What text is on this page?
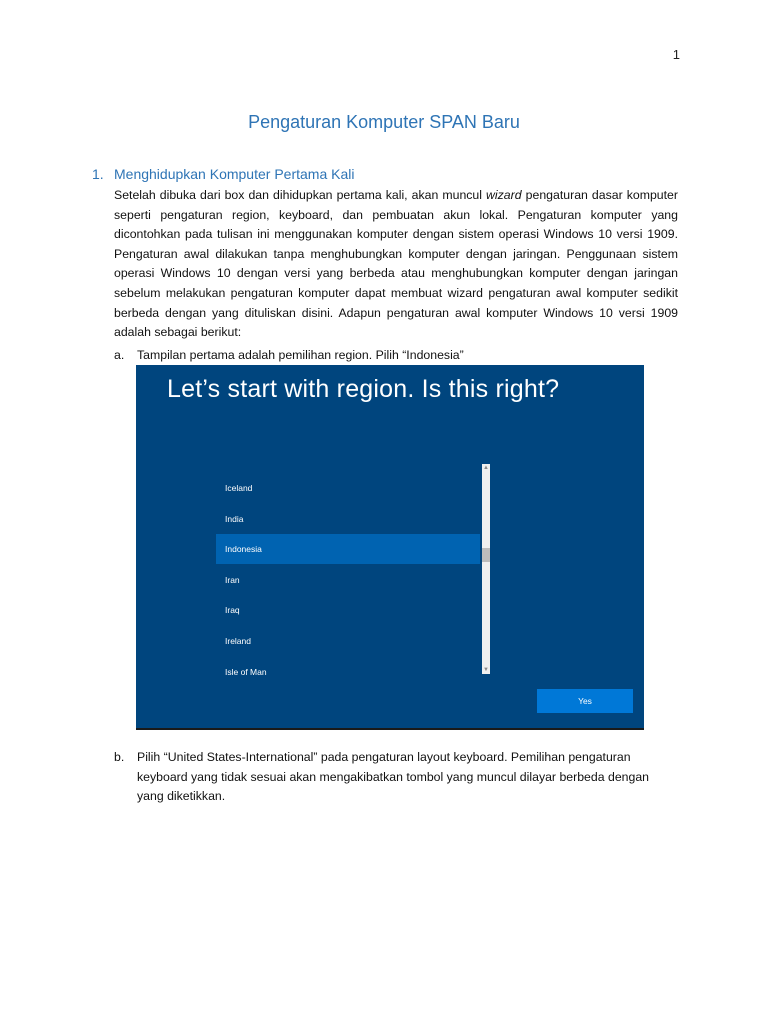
1
Pengaturan Komputer SPAN Baru
1. Menghidupkan Komputer Pertama Kali

Setelah dibuka dari box dan dihidupkan pertama kali, akan muncul wizard pengaturan dasar komputer seperti pengaturan region, keyboard, dan pembuatan akun lokal. Pengaturan komputer yang dicontohkan pada tulisan ini menggunakan komputer dengan sistem operasi Windows 10 versi 1909. Pengaturan awal dilakukan tanpa menghubungkan komputer dengan jaringan. Penggunaan sistem operasi Windows 10 dengan versi yang berbeda atau menghubungkan komputer dengan jaringan sebelum melakukan pengaturan komputer dapat membuat wizard pengaturan awal komputer sedikit berbeda dengan yang dituliskan disini. Adapun pengaturan awal komputer Windows 10 versi 1909 adalah sebagai berikut:

a. Tampilan pertama adalah pemilihan region. Pilih “Indonesia”
Let’s start with region. Is this right?
Iceland
India
Indonesia
Iran
Iraq
Ireland
Isle of Man
▲
▼
Yes
b. Pilih “United States-International” pada pengaturan layout keyboard. Pemilihan pengaturan keyboard yang tidak sesuai akan mengakibatkan tombol yang muncul dilayar berbeda dengan yang diketikkan.
